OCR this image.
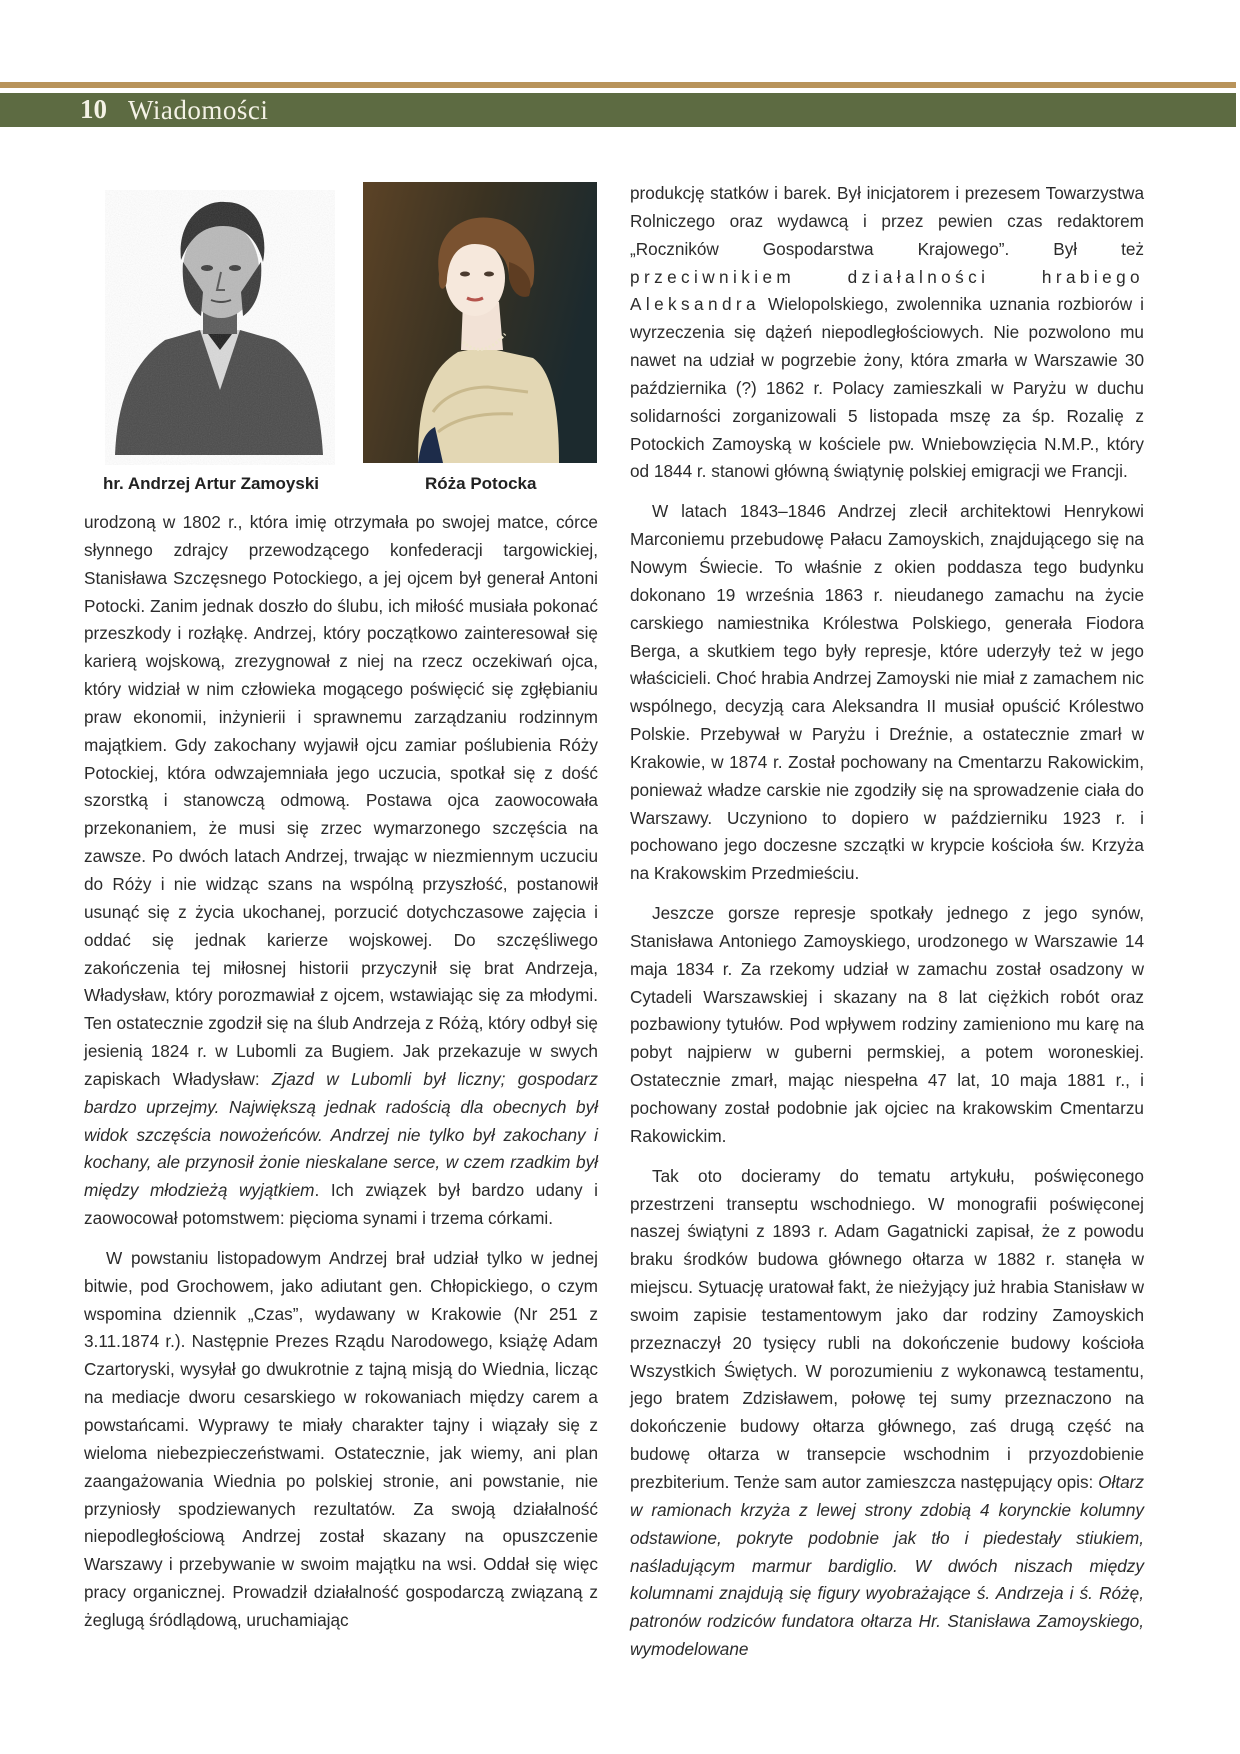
10 Wiadomości
hr. Andrzej Artur Zamoyski	Róża Potocka

urodzoną w 1802 r., która imię otrzymała po swojej matce, córce słynnego zdrajcy przewodzącego konfederacji targowickiej, Stanisława Szczęsnego Potockiego, a jej ojcem był generał Antoni Potocki. Zanim jednak doszło do ślubu, ich miłość musiała pokonać przeszkody i rozłąkę. Andrzej, który początkowo zainteresował się karierą wojskową, zrezygnował z niej na rzecz oczekiwań ojca, który widział w nim człowieka mogącego poświęcić się zgłębianiu praw ekonomii, inżynierii i sprawnemu zarządzaniu rodzinnym majątkiem. Gdy zakochany wyjawił ojcu zamiar poślubienia Róży Potockiej, która odwzajemniała jego uczucia, spotkał się z dość szorstką i stanowczą odmową. Postawa ojca zaowocowała przekonaniem, że musi się zrzec wymarzonego szczęścia na zawsze. Po dwóch latach Andrzej, trwając w niezmiennym uczuciu do Róży i nie widząc szans na wspólną przyszłość, postanowił usunąć się z życia ukochanej, porzucić dotychczasowe zajęcia i oddać się jednak karierze wojskowej. Do szczęśliwego zakończenia tej miłosnej historii przyczynił się brat Andrzeja, Władysław, który porozmawiał z ojcem, wstawiając się za młodymi. Ten ostatecznie zgodził się na ślub Andrzeja z Różą, który odbył się jesienią 1824 r. w Lubomli za Bugiem. Jak przekazuje w swych zapiskach Władysław: Zjazd w Lubomli był liczny; gospodarz bardzo uprzejmy. Największą jednak radością dla obecnych był widok szczęścia nowożeńców. Andrzej nie tylko był zakochany i kochany, ale przynosił żonie nieskalane serce, w czem rzadkim był między młodzieżą wyjątkiem. Ich związek był bardzo udany i zaowocował potomstwem: pięcioma synami i trzema córkami.

W powstaniu listopadowym Andrzej brał udział tylko w jednej bitwie, pod Grochowem, jako adiutant gen. Chłopickiego, o czym wspomina dziennik „Czas”, wydawany w Krakowie (Nr 251 z 3.11.1874 r.). Następnie Prezes Rządu Narodowego, książę Adam Czartoryski, wysyłał go dwukrotnie z tajną misją do Wiednia, licząc na mediacje dworu cesarskiego w rokowaniach między carem a powstańcami. Wyprawy te miały charakter tajny i wiązały się z wieloma niebezpieczeństwami. Ostatecznie, jak wiemy, ani plan zaangażowania Wiednia po polskiej stronie, ani powstanie, nie przyniosły spodziewanych rezultatów. Za swoją działalność niepodległościową Andrzej został skazany na opuszczenie Warszawy i przebywanie w swoim majątku na wsi. Oddał się więc pracy organicznej. Prowadził działalność gospodarczą związaną z żeglugą śródlądową, uruchamiając

produkcję statków i barek. Był inicjatorem i prezesem Towarzystwa Rolniczego oraz wydawcą i przez pewien czas redaktorem „Roczników Gospodarstwa Krajowego”. Był też przeciwnikiem działalności hrabiego Aleksandra Wielopolskiego, zwolennika uznania rozbiorów i wyrzeczenia się dążeń niepodległościowych. Nie pozwolono mu nawet na udział w pogrzebie żony, która zmarła w Warszawie 30 października (?) 1862 r. Polacy zamieszkali w Paryżu w duchu solidarności zorganizowali 5 listopada mszę za śp. Rozalię z Potockich Zamoyską w kościele pw. Wniebowzięcia N.M.P., który od 1844 r. stanowi główną świątynię polskiej emigracji we Francji.

W latach 1843–1846 Andrzej zlecił architektowi Henrykowi Marconiemu przebudowę Pałacu Zamoyskich, znajdującego się na Nowym Świecie. To właśnie z okien poddasza tego budynku dokonano 19 września 1863 r. nieudanego zamachu na życie carskiego namiestnika Królestwa Polskiego, generała Fiodora Berga, a skutkiem tego były represje, które uderzyły też w jego właścicieli. Choć hrabia Andrzej Zamoyski nie miał z zamachem nic wspólnego, decyzją cara Aleksandra II musiał opuścić Królestwo Polskie. Przebywał w Paryżu i Dreźnie, a ostatecznie zmarł w Krakowie, w 1874 r. Został pochowany na Cmentarzu Rakowickim, ponieważ władze carskie nie zgodziły się na sprowadzenie ciała do Warszawy. Uczyniono to dopiero w październiku 1923 r. i pochowano jego doczesne szczątki w krypcie kościoła św. Krzyża na Krakowskim Przedmieściu.

Jeszcze gorsze represje spotkały jednego z jego synów, Stanisława Antoniego Zamoyskiego, urodzonego w Warszawie 14 maja 1834 r. Za rzekomy udział w zamachu został osadzony w Cytadeli Warszawskiej i skazany na 8 lat ciężkich robót oraz pozbawiony tytułów. Pod wpływem rodziny zamieniono mu karę na pobyt najpierw w guberni permskiej, a potem woroneskiej. Ostatecznie zmarł, mając niespełna 47 lat, 10 maja 1881 r., i pochowany został podobnie jak ojciec na krakowskim Cmentarzu Rakowickim.

Tak oto docieramy do tematu artykułu, poświęconego przestrzeni transeptu wschodniego. W monografii poświęconej naszej świątyni z 1893 r. Adam Gagatnicki zapisał, że z powodu braku środków budowa głównego ołtarza w 1882 r. stanęła w miejscu. Sytuację uratował fakt, że nieżyjący już hrabia Stanisław w swoim zapisie testamentowym jako dar rodziny Zamoyskich przeznaczył 20 tysięcy rubli na dokończenie budowy kościoła Wszystkich Świętych. W porozumieniu z wykonawcą testamentu, jego bratem Zdzisławem, połowę tej sumy przeznaczono na dokończenie budowy ołtarza głównego, zaś drugą część na budowę ołtarza w transepcie wschodnim i przyozdobienie prezbiterium. Tenże sam autor zamieszcza następujący opis: Ołtarz w ramionach krzyża z lewej strony zdobią 4 korynckie kolumny odstawione, pokryte podobnie jak tło i piedestały stiukiem, naśladującym marmur bardiglio. W dwóch niszach między kolumnami znajdują się figury wyobrażające ś. Andrzeja i ś. Różę, patronów rodziców fundatora ołtarza Hr. Stanisława Zamoyskiego, wymodelowane
